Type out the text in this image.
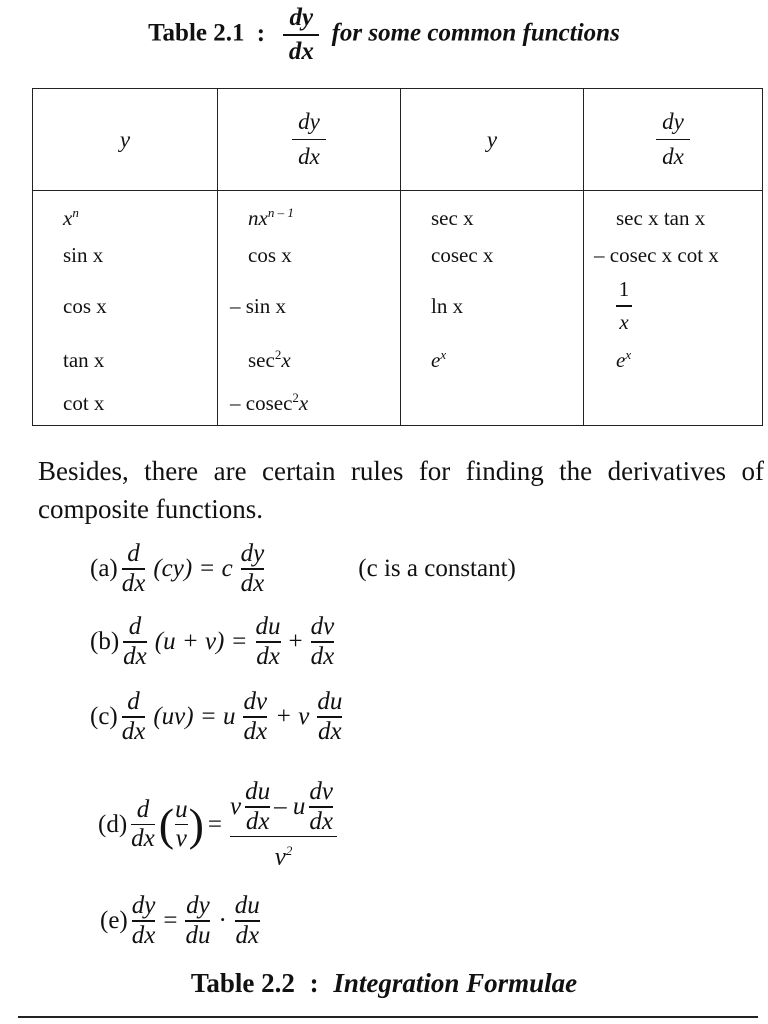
Table 2.1 : $\frac{dy}{dx}$ for some common functions
y	$\frac{dy}{dx}$	y	$\frac{dy}{dx}$

$x^n$	$nx^{n - 1}$	sec x	sec x tan x
sin x	cos x	cosec x	– cosec x cot x
cos x	– sin x	ln x	$\frac{1}{x}$

tan x	$\sec^2x$	$e^x$	$e^x$
cot x	– cosec$^2$x		
Besides, there are certain rules for finding the derivatives of composite functions.
(a)
d
dx
(cy) = c
dy
dx
(c is a constant)
(b)
d
dx
(u + v) =
du
dx
+
dv
dx
(c)
d
dx
(uv) = u
dv
dx
+ v
du
dx
(d)
d
dx ( u
v ) =
v
du
dx
– u
dv
dx
$v^2$
(e)
dy
dx
=
dy
du
·
du
dx
Table 2.2 : Integration Formulae
